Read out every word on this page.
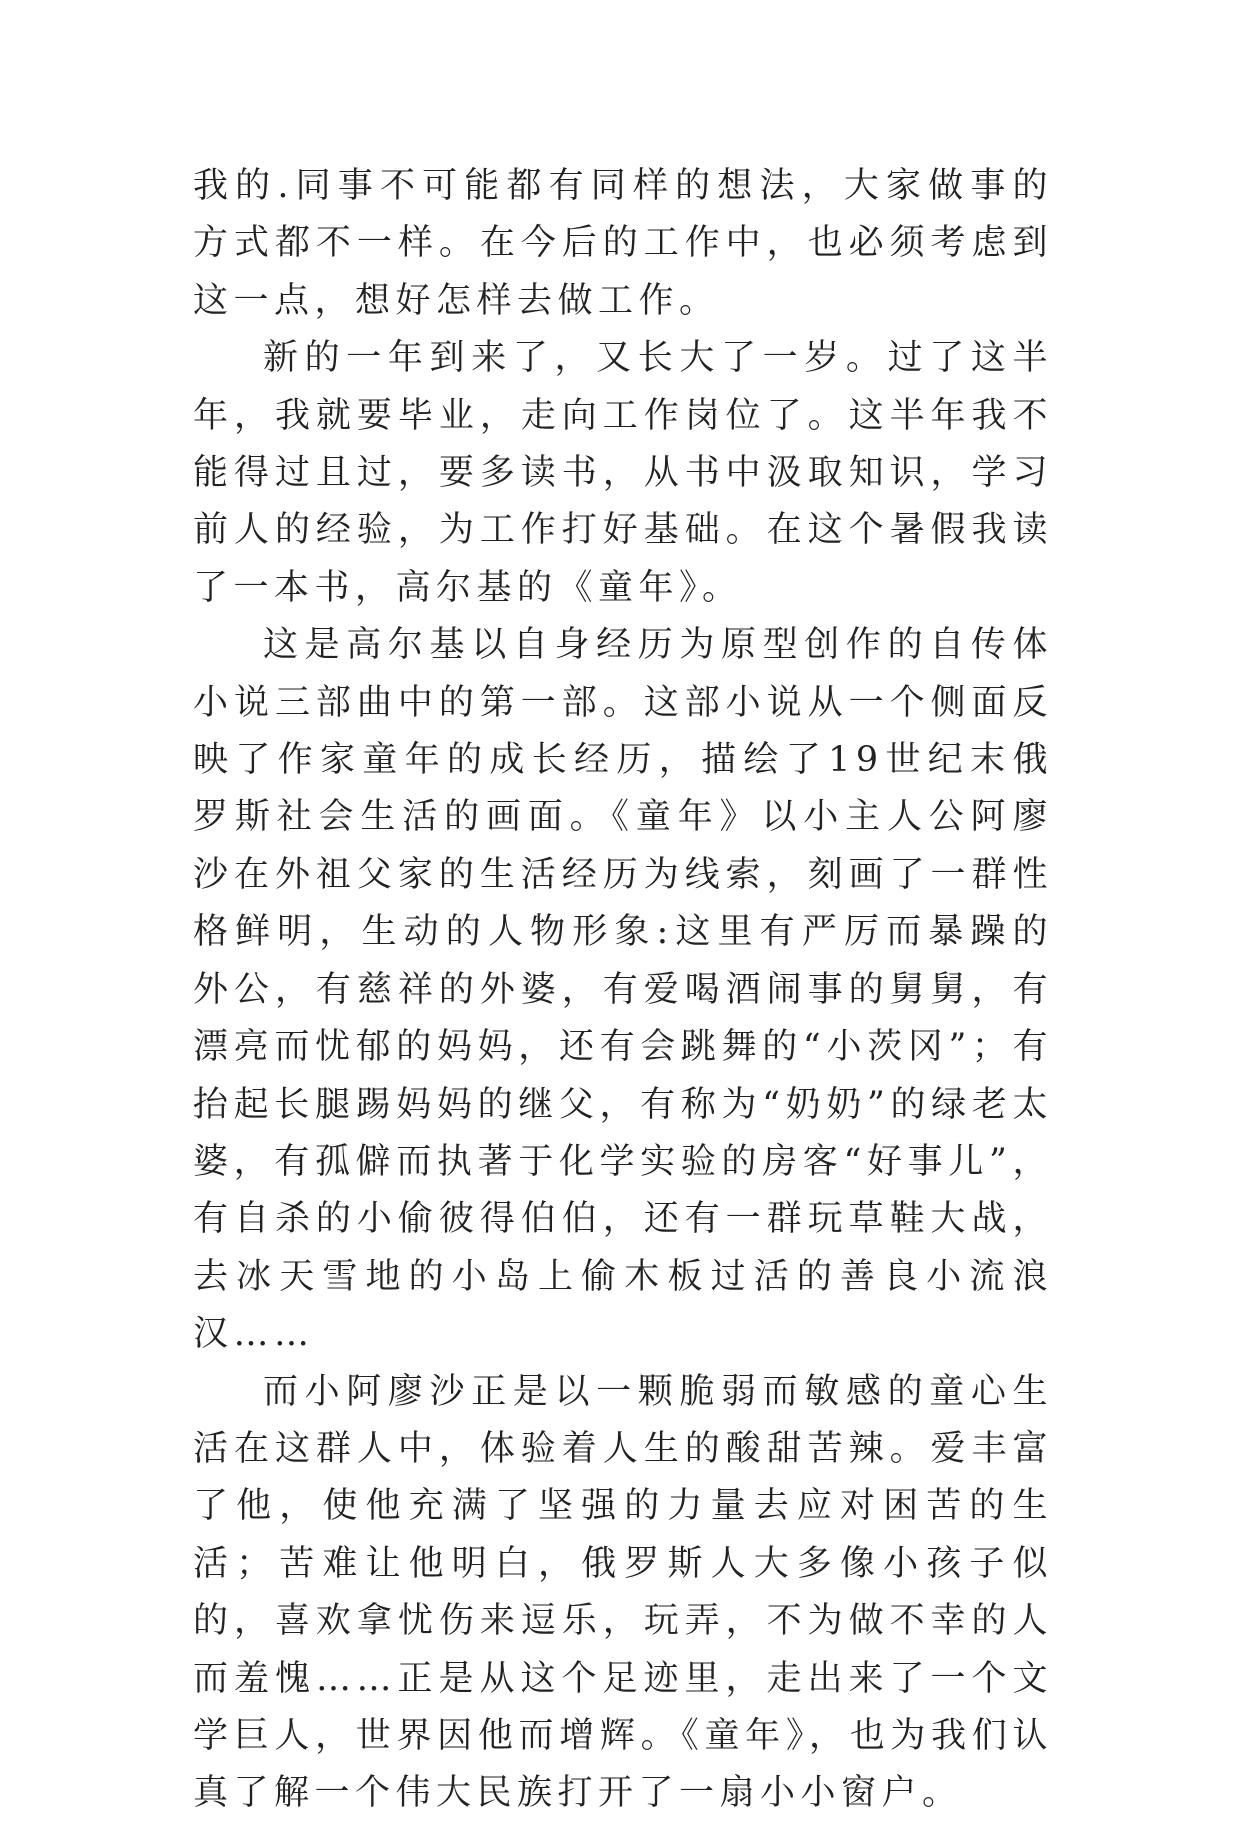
我的.同事不可能都有同样的想法，大家做事的方式都不一样。在今后的工作中，也必须考虑到这一点，想好怎样去做工作。

新的一年到来了，又长大了一岁。过了这半年，我就要毕业，走向工作岗位了。这半年我不能得过且过，要多读书，从书中汲取知识，学习前人的经验，为工作打好基础。在这个暑假我读了一本书，高尔基的《童年》。

这是高尔基以自身经历为原型创作的自传体小说三部曲中的第一部。这部小说从一个侧面反映了作家童年的成长经历，描绘了19世纪末俄罗斯社会生活的画面。《童年》以小主人公阿廖沙在外祖父家的生活经历为线索，刻画了一群性格鲜明，生动的人物形象:这里有严厉而暴躁的外公，有慈祥的外婆，有爱喝酒闹事的舅舅，有漂亮而忧郁的妈妈，还有会跳舞的“小茨冈”；有抬起长腿踢妈妈的继父，有称为“奶奶”的绿老太婆，有孤僻而执著于化学实验的房客“好事儿”，有自杀的小偷彼得伯伯，还有一群玩草鞋大战，去冰天雪地的小岛上偷木板过活的善良小流浪汉……

而小阿廖沙正是以一颗脆弱而敏感的童心生活在这群人中，体验着人生的酸甜苦辣。爱丰富了他，使他充满了坚强的力量去应对困苦的生活；苦难让他明白，俄罗斯人大多像小孩子似的，喜欢拿忧伤来逗乐，玩弄，不为做不幸的人而羞愧……正是从这个足迹里，走出来了一个文学巨人，世界因他而增辉。《童年》，也为我们认真了解一个伟大民族打开了一扇小小窗户。
